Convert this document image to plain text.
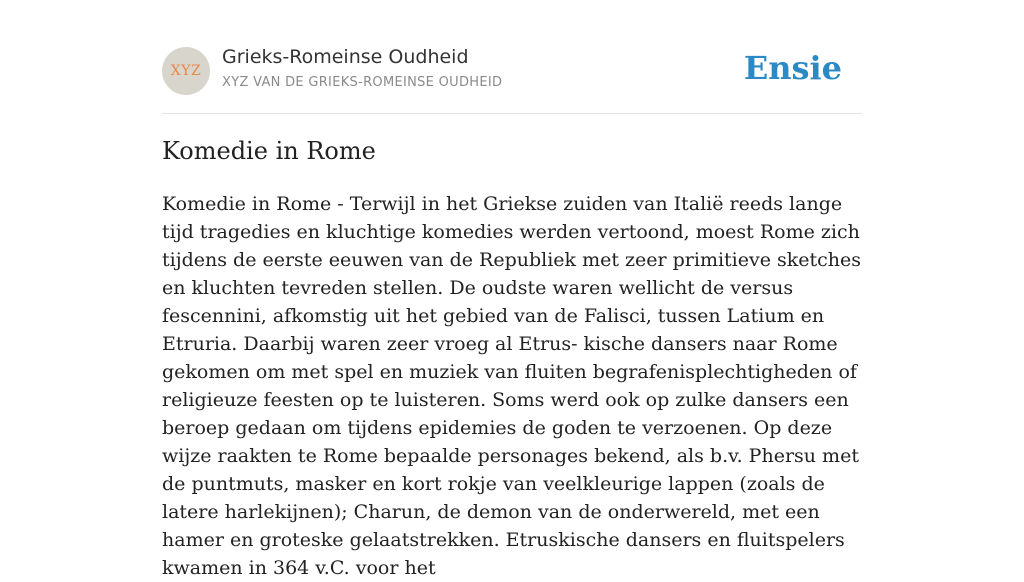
XYZ
Grieks-Romeinse Oudheid
XYZ VAN DE GRIEKS-ROMEINSE OUDHEID	Ensie
Komedie in Rome

Komedie in Rome - Terwijl in het Griekse zuiden van Italië reeds lange tijd tragedies en kluchtige komedies werden vertoond, moest Rome zich tijdens de eerste eeuwen van de Republiek met zeer primitieve sketches en kluchten tevreden stellen. De oudste waren wellicht de versus fescennini, afkomstig uit het gebied van de Falisci, tussen Latium en Etruria. Daarbij waren zeer vroeg al Etrus- kische dansers naar Rome gekomen om met spel en muziek van fluiten begrafenisplechtigheden of religieuze feesten op te luisteren. Soms werd ook op zulke dansers een beroep gedaan om tijdens epidemies de goden te verzoenen. Op deze wijze raakten te Rome bepaalde personages bekend, als b.v. Phersu met de puntmuts, masker en kort rokje van veelkleurige lappen (zoals de latere harlekijnen); Charun, de demon van de onderwereld, met een hamer en groteske gelaatstrekken. Etruskische dansers en fluitspelers kwamen in 364 v.C. voor het
